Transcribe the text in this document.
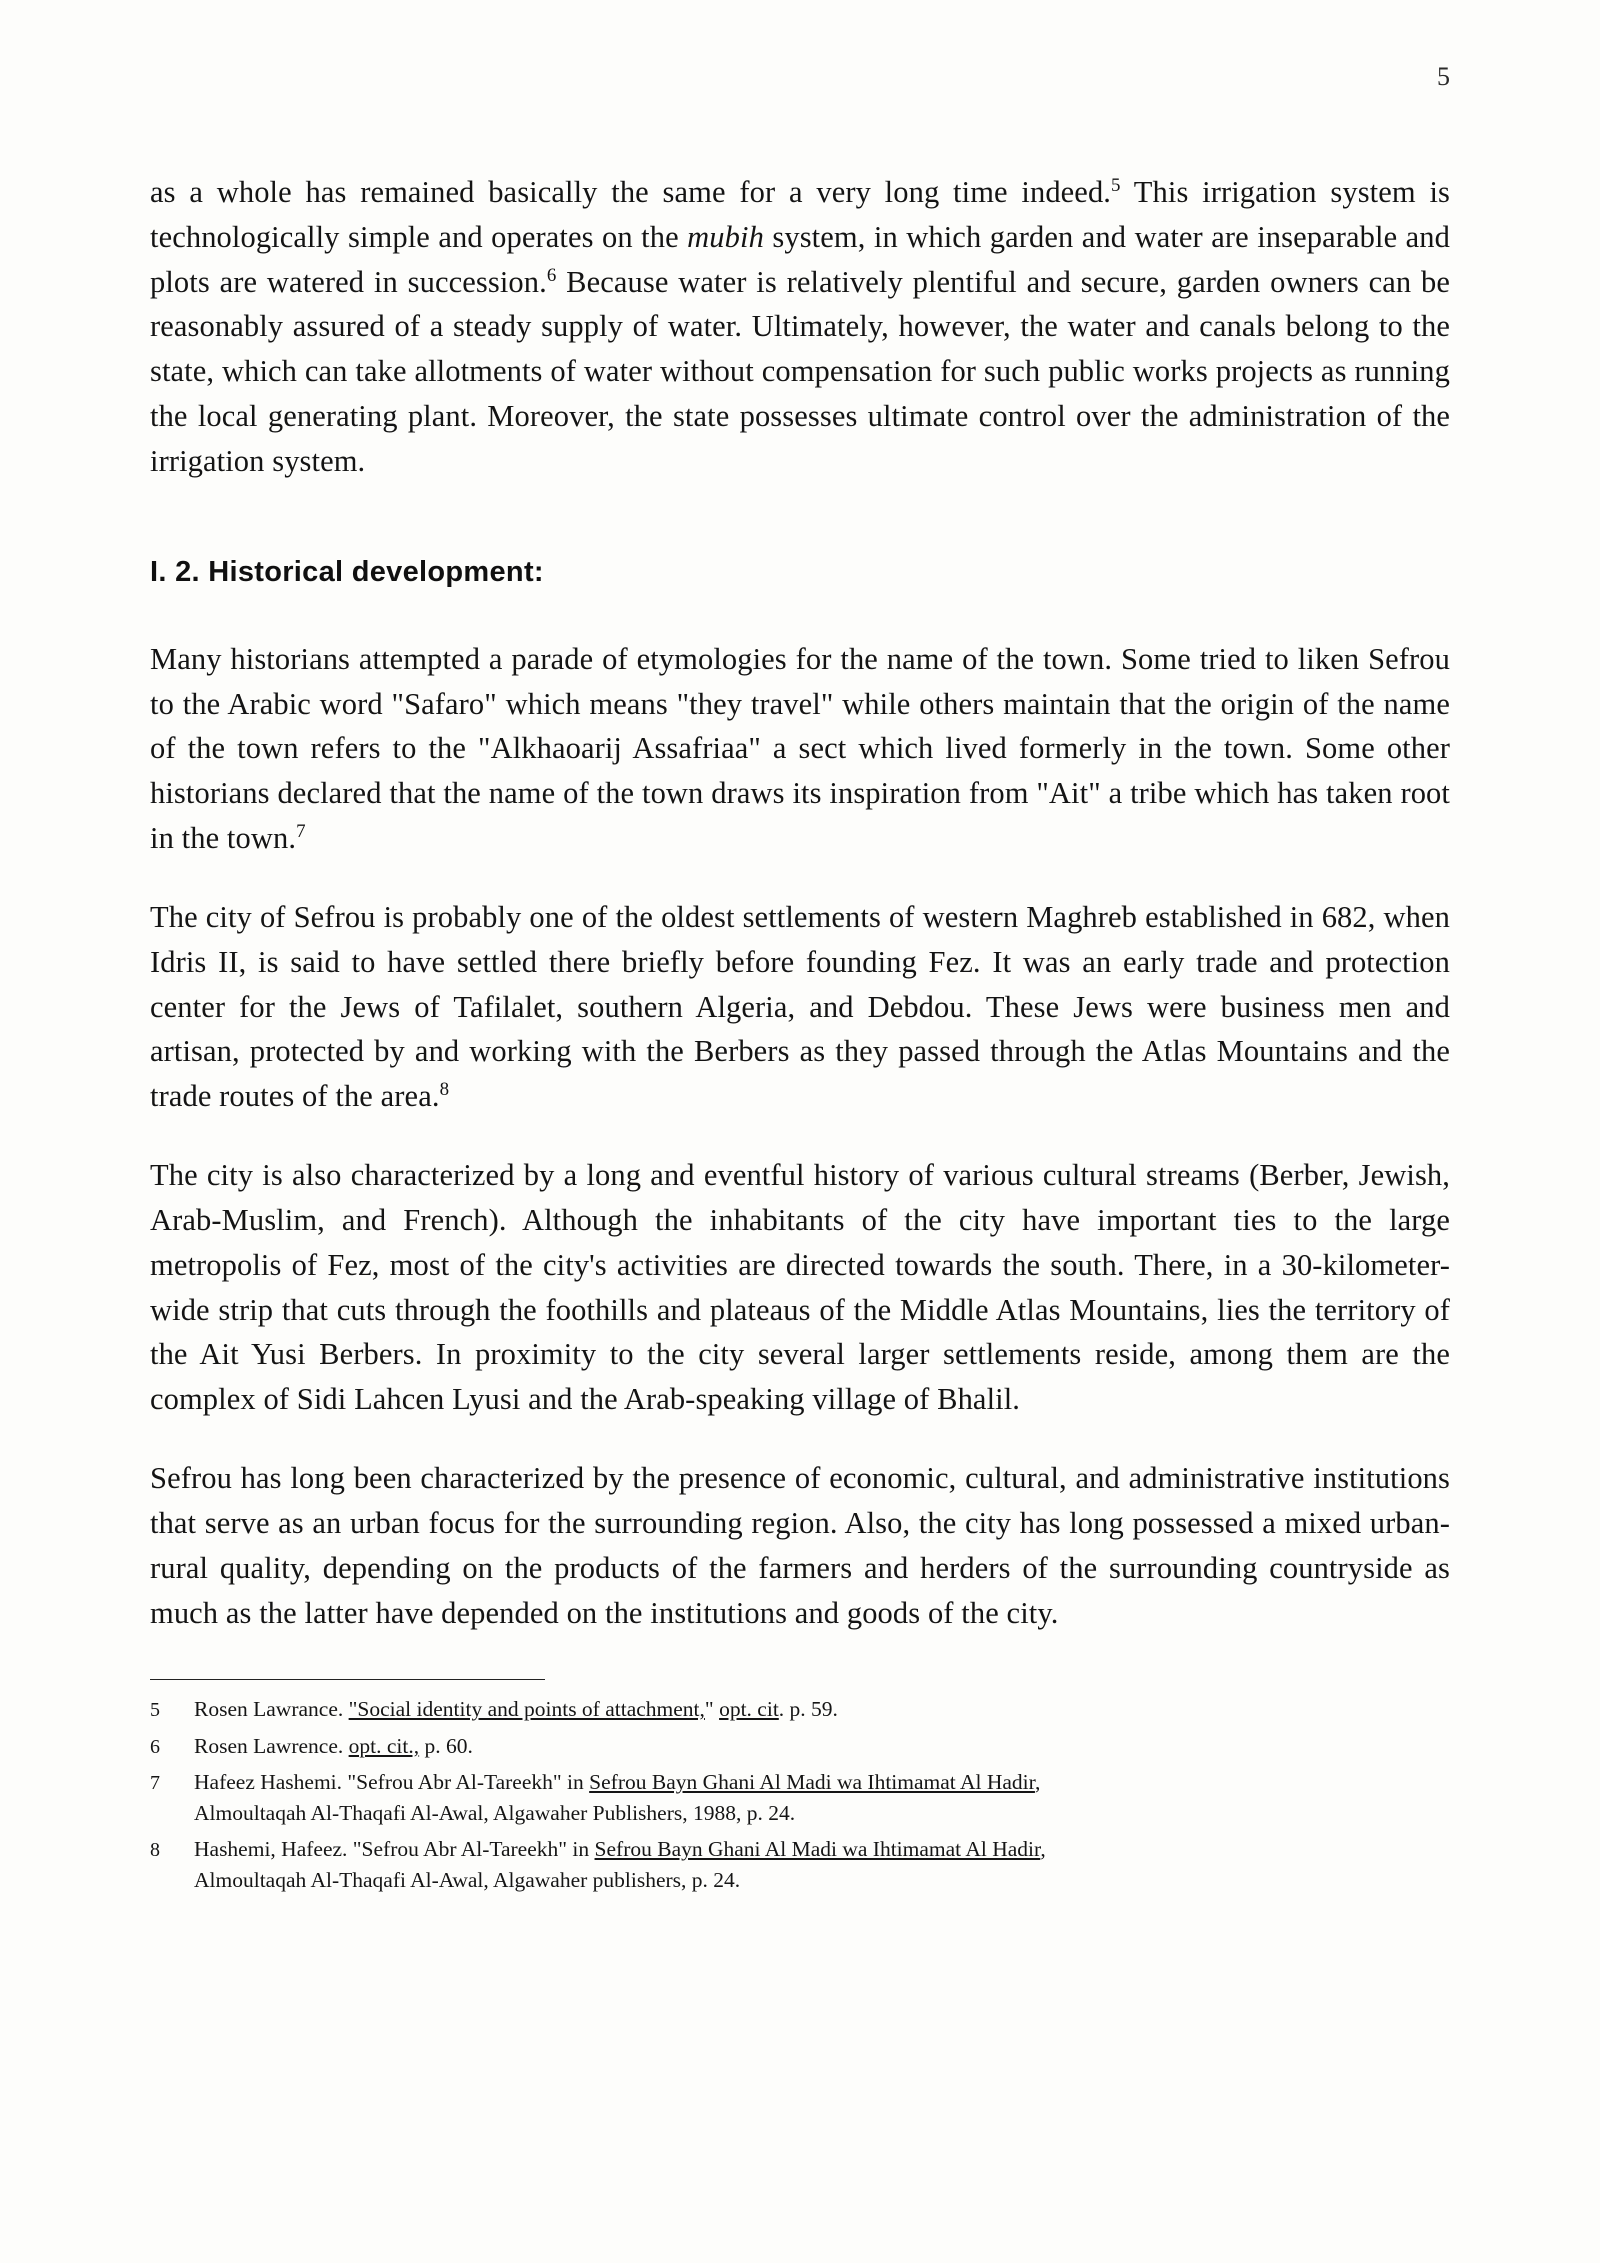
5

as a whole has remained basically the same for a very long time indeed.$^5$ This irrigation system is technologically simple and operates on the mubih system, in which garden and water are inseparable and plots are watered in succession.$^6$ Because water is relatively plentiful and secure, garden owners can be reasonably assured of a steady supply of water. Ultimately, however, the water and canals belong to the state, which can take allotments of water without compensation for such public works projects as running the local generating plant. Moreover, the state possesses ultimate control over the administration of the irrigation system.

I. 2. Historical development:

Many historians attempted a parade of etymologies for the name of the town. Some tried to liken Sefrou to the Arabic word "Safaro" which means "they travel" while others maintain that the origin of the name of the town refers to the "Alkhaoarij Assafriaa" a sect which lived formerly in the town. Some other historians declared that the name of the town draws its inspiration from "Ait" a tribe which has taken root in the town.$^7$

The city of Sefrou is probably one of the oldest settlements of western Maghreb established in 682, when Idris II, is said to have settled there briefly before founding Fez. It was an early trade and protection center for the Jews of Tafilalet, southern Algeria, and Debdou. These Jews were business men and artisan, protected by and working with the Berbers as they passed through the Atlas Mountains and the trade routes of the area.$^8$

The city is also characterized by a long and eventful history of various cultural streams (Berber, Jewish, Arab-Muslim, and French). Although the inhabitants of the city have important ties to the large metropolis of Fez, most of the city's activities are directed towards the south. There, in a 30-kilometer-wide strip that cuts through the foothills and plateaus of the Middle Atlas Mountains, lies the territory of the Ait Yusi Berbers. In proximity to the city several larger settlements reside, among them are the complex of Sidi Lahcen Lyusi and the Arab-speaking village of Bhalil.

Sefrou has long been characterized by the presence of economic, cultural, and administrative institutions that serve as an urban focus for the surrounding region. Also, the city has long possessed a mixed urban-rural quality, depending on the products of the farmers and herders of the surrounding countryside as much as the latter have depended on the institutions and goods of the city.

5	Rosen Lawrance. "Social identity and points of attachment," opt. cit. p. 59.
6	Rosen Lawrence. opt. cit., p. 60.
7	Hafeez Hashemi. "Sefrou Abr Al-Tareekh" in Sefrou Bayn Ghani Al Madi wa Ihtimamat Al Hadir,
Almoultaqah Al-Thaqafi Al-Awal, Algawaher Publishers, 1988, p. 24.
8	Hashemi, Hafeez. "Sefrou Abr Al-Tareekh" in Sefrou Bayn Ghani Al Madi wa Ihtimamat Al Hadir,
Almoultaqah Al-Thaqafi Al-Awal, Algawaher publishers, p. 24.
